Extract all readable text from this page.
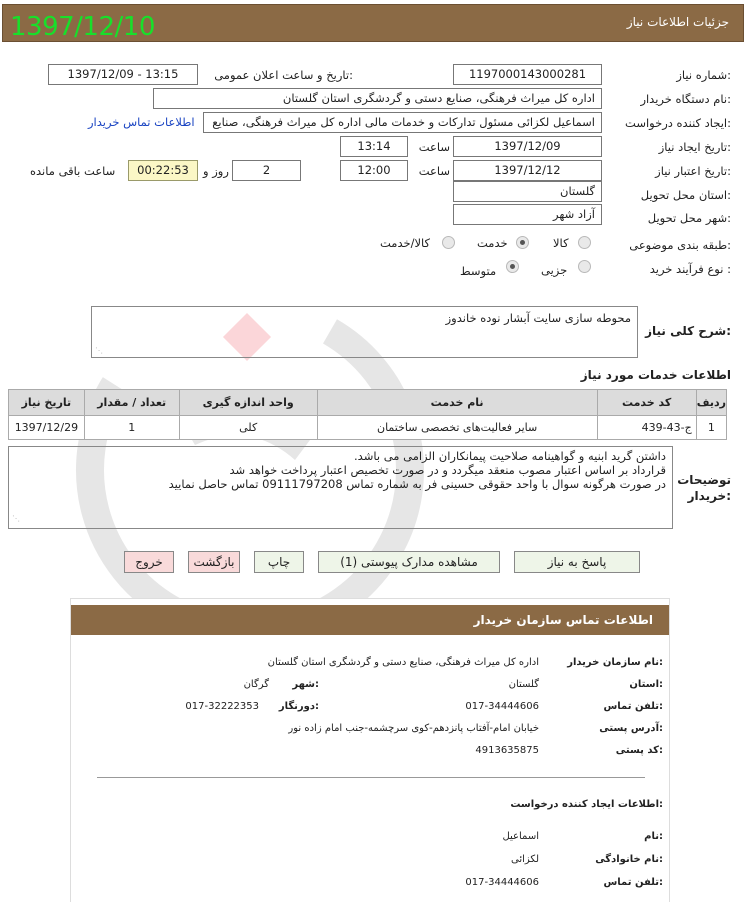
جزئیات اطلاعات نیاز
1397/12/10
شماره نیاز:
1197000143000281
تاریخ و ساعت اعلان عمومی:
1397/12/09 - 13:15
نام دستگاه خریدار:
اداره کل میراث فرهنگی، صنایع دستی و گردشگری استان گلستان
ایجاد کننده درخواست:
اسماعیل لکزائی مسئول تدارکات و خدمات مالی اداره کل میراث فرهنگی، صنایع
اطلاعات تماس خریدار
تاریخ ایجاد نیاز:
1397/12/09
ساعت
13:14
تاریخ اعتبار نیاز:
1397/12/12
ساعت
12:00
2
روز و
00:22:53
ساعت باقی مانده
استان محل تحویل:
گلستان
شهر محل تحویل:
آزاد شهر
طبقه بندی موضوعی:
کالا
خدمت
کالا/خدمت
نوع فرآیند خرید :
جزیی
متوسط
شرح کلی نیاز:
محوطه سازی سایت آبشار نوده خاندوز
⋰
اطلاعات خدمات مورد نیاز
تاریخ نیاز	تعداد / مقدار	واحد اندازه گیری	نام خدمت	کد خدمت	ردیف
1397/12/29	1	کلی	سایر فعالیت‌های تخصصی ساختمان	ج-43-439	1
توضیحات خریدار:
داشتن گرید ابنیه و گواهینامه صلاحیت پیمانکاران الزامی می باشد.
قرارداد بر اساس اعتبار مصوب منعقد میگردد و در صورت تخصیص اعتبار پرداخت خواهد شد
در صورت هرگونه سوال با واحد حقوقی حسینی فر به شماره تماس 09111797208 تماس حاصل نمایید
⋰
پاسخ به نیاز
مشاهده مدارک پیوستی (1)
چاپ
بازگشت
خروج
اطلاعات تماس سازمان خریدار
نام سازمان خریدار:
اداره کل میراث فرهنگی، صنایع دستی و گردشگری استان گلستان
استان:
گلستان
شهر:
گرگان
تلفن تماس:
017-34444606
دورنگار:
017-32222353
آدرس پستی:
خیابان امام-آفتاب پانزدهم-کوی سرچشمه-جنب امام زاده نور
کد پستی:
4913635875
اطلاعات ایجاد کننده درخواست:
نام:
اسماعیل
نام خانوادگی:
لکزائی
تلفن تماس:
017-34444606
